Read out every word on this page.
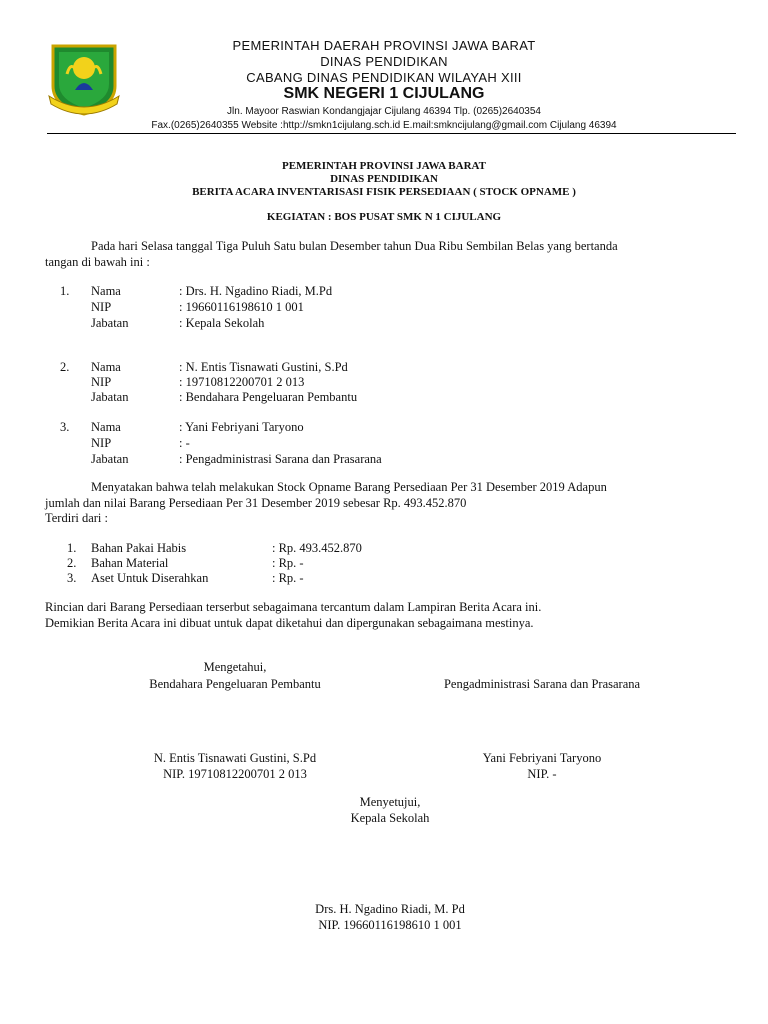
PEMERINTAH DAERAH PROVINSI JAWA BARAT
DINAS PENDIDIKAN
CABANG DINAS PENDIDIKAN WILAYAH XIII
SMK NEGERI 1 CIJULANG
Jln. Mayoor Raswian Kondangjajar Cijulang 46394 Tlp. (0265)2640354
Fax.(0265)2640355 Website :http://smkn1cijulang.sch.id E.mail:smkncijulang@gmail.com Cijulang 46394
PEMERINTAH PROVINSI JAWA BARAT
DINAS PENDIDIKAN
BERITA ACARA INVENTARISASI FISIK PERSEDIAAN ( STOCK OPNAME )
KEGIATAN : BOS PUSAT SMK N 1 CIJULANG
Pada hari Selasa tanggal Tiga Puluh Satu bulan Desember tahun Dua Ribu Sembilan Belas yang bertanda
tangan di bawah ini :
1. Nama	: Drs. H. Ngadino Riadi, M.Pd
NIP	: 19660116198610 1 001
Jabatan	: Kepala Sekolah
2. Nama	: N. Entis Tisnawati Gustini, S.Pd
NIP	: 19710812200701 2 013
Jabatan	: Bendahara Pengeluaran Pembantu
3. Nama	: Yani Febriyani Taryono
NIP	: -
Jabatan	: Pengadministrasi Sarana dan Prasarana
Menyatakan bahwa telah melakukan Stock Opname Barang Persediaan Per 31 Desember 2019 Adapun
jumlah dan nilai Barang Persediaan Per 31 Desember 2019 sebesar Rp. 493.452.870
Terdiri dari :
1. Bahan Pakai Habis	: Rp. 493.452.870
2. Bahan Material	: Rp. -
3. Aset Untuk Diserahkan	: Rp. -
Rincian dari Barang Persediaan terserbut sebagaimana tercantum dalam Lampiran Berita Acara ini.
Demikian Berita Acara ini dibuat untuk dapat diketahui dan dipergunakan sebagaimana mestinya.
Mengetahui,
Bendahara Pengeluaran Pembantu	Pengadministrasi Sarana dan Prasarana
N. Entis Tisnawati Gustini, S.Pd
NIP. 19710812200701 2 013
Yani Febriyani Taryono
NIP. -
Menyetujui,
Kepala Sekolah
Drs. H. Ngadino Riadi, M. Pd
NIP. 19660116198610 1 001
